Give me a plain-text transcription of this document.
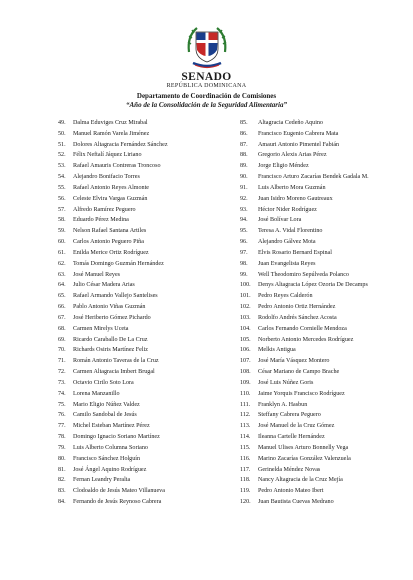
SENADO
REPÚBLICA DOMINICANA
Departamento de Coordinación de Comisiones
“Año de la Consolidación de la Seguridad Alimentaria”
49. Dalma Eduviges Cruz Mirabal
50. Manuel Ramón Varela Jiménez
51. Dolores Altagracia Fernández Sánchez
52. Félix Neftalí Jáquez Liriano
53. Rafael Amauris Contreras Troncoso
54. Alejandro Bonifacio Torres
55. Rafael Antonio Reyes Almonte
56. Celeste Elvira Vargas Guzmán
57. Alfredo Ramírez Peguero
58. Eduardo Pérez Medina
59. Nelson Rafael Santana Artiles
60. Carlos Antonio Peguero Piña
61. Enilda Merice Ortiz Rodríguez
62. Tomás Domingo Guzmán Hernández
63. José Manuel Reyes
64. Julio César Madera Arias
65. Rafael Armando Vallejo Santelises
66. Pablo Antonio Viñas Guzmán
67. José Heriberto Gómez Pichardo
68. Carmen Mirelys Uceta
69. Ricardo Caraballo De La Cruz
70. Richards Osiris Martínez Feliz
71. Román Antonio Taveras de la Cruz
72. Carmen Altagracia Imbert Brugal
73. Octavio Cirilo Soto Lora
74. Lorena Manzanillo
75. Mario Eligio Núñez Valdez
76. Camilo Sandobal de Jesús
77. Michel Esteban Martínez Pérez
78. Domingo Ignacio Soriano Martínez
79. Luis Alberto Columna Soriano
80. Francisco Sánchez Holguín
81. José Ángel Aquino Rodríguez
82. Fernan Leandry Peralta
83. Clodoaldo de Jesús Mateo Villanueva
84. Fernando de Jesús Reynoso Cabrera
85. Altagracia Cedeño Aquino
86. Francisco Eugenio Cabrera Mata
87. Amauri Antonio Pimentel Fabián
88. Gregorio Alexis Arias Pérez
89. Jorge Eligio Méndez
90. Francisco Arturo Zacarías Bendek Gadala M.
91. Luis Alberto Mora Guzmán
92. Juan Isidro Moreno Gautreaux
93. Héctor Nider Rodríguez
94. José Bolívar Lora
95. Teresa A. Vidal Florentino
96. Alejandro Gálvez Mota
97. Elvis Rosario Bernard Espinal
98. Juan Evangelista Reyes
99. Well Theodomiro Sepúlveda Polanco
100. Denys Altagracia López Ozoria De Decamps
101. Pedro Reyes Calderón
102. Pedro Antonio Ortiz Hernández
103. Rodolfo Andrés Sánchez Acosta
104. Carlos Fernando Cornielle Mendoza
105. Norberto Antonio Mercedes Rodríguez
106. Melkis Antigua
107. José María Vásquez Montero
108. César Mariano de Campo Brache
109. José Luis Núñez Goris
110. Jaime Yorquis Francisco Rodríguez
111. Franklyn A. Hasbun
112. Steffany Cabrera Peguero
113. José Manuel de la Cruz Gómez
114. Ileanna Cartelle Hernández
115. Manuel Ulises Arturo Bonnelly Vega
116. Marino Zacarías González Valenzuela
117. Gerinelda Méndez Novas
118. Nancy Altagracia de la Cruz Mejía
119. Pedro Antonio Mateo Ibert
120. Juan Bautista Cuevas Medrano
